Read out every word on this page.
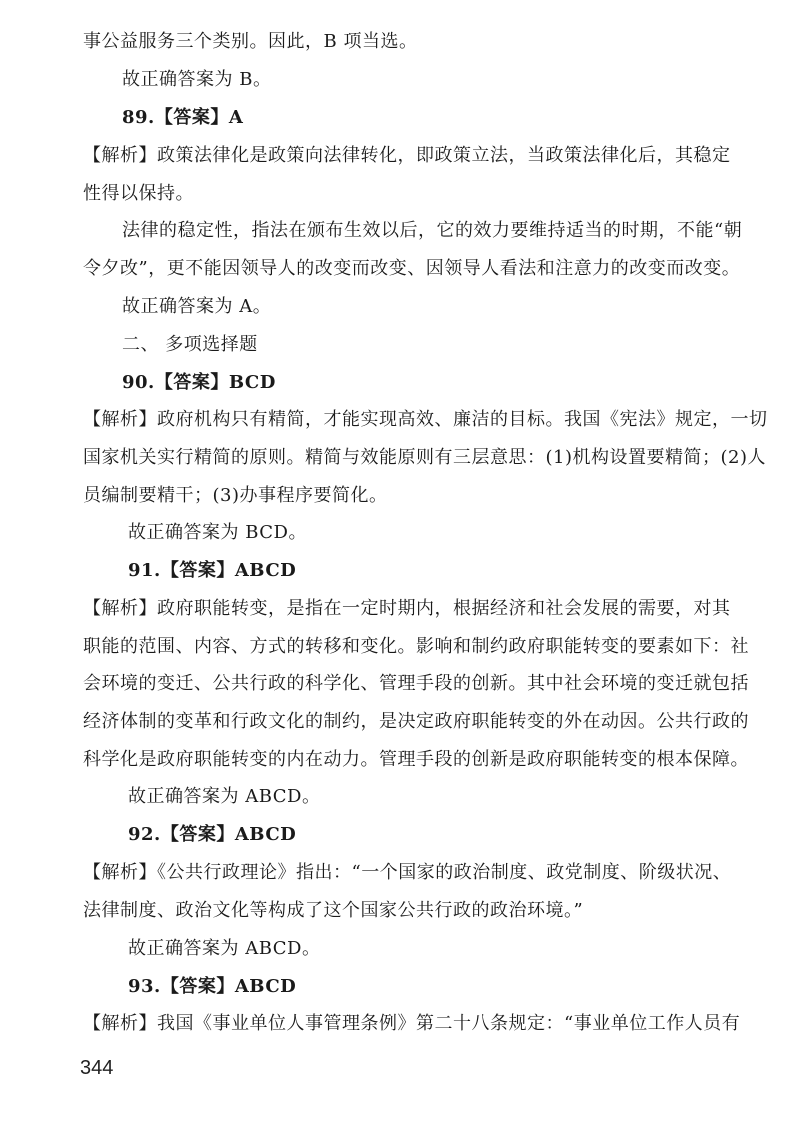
事公益服务三个类别。因此，B 项当选。
故正确答案为 B。
89.【答案】A
【解析】政策法律化是政策向法律转化，即政策立法，当政策法律化后，其稳定
性得以保持。
法律的稳定性，指法在颁布生效以后，它的效力要维持适当的时期，不能“朝
令夕改”，更不能因领导人的改变而改变、因领导人看法和注意力的改变而改变。
故正确答案为 A。
二、 多项选择题
90.【答案】BCD
【解析】政府机构只有精简，才能实现高效、廉洁的目标。我国《宪法》规定，一切
国家机关实行精简的原则。精简与效能原则有三层意思：(1)机构设置要精简；(2)人
员编制要精干；(3)办事程序要简化。
故正确答案为 BCD。
91.【答案】ABCD
【解析】政府职能转变，是指在一定时期内，根据经济和社会发展的需要，对其
职能的范围、内容、方式的转移和变化。影响和制约政府职能转变的要素如下：社
会环境的变迁、公共行政的科学化、管理手段的创新。其中社会环境的变迁就包括
经济体制的变革和行政文化的制约，是决定政府职能转变的外在动因。公共行政的
科学化是政府职能转变的内在动力。管理手段的创新是政府职能转变的根本保障。
故正确答案为 ABCD。
92.【答案】ABCD
【解析】《公共行政理论》指出：“一个国家的政治制度、政党制度、阶级状况、
法律制度、政治文化等构成了这个国家公共行政的政治环境。”
故正确答案为 ABCD。
93.【答案】ABCD
【解析】我国《事业单位人事管理条例》第二十八条规定：“事业单位工作人员有
344
